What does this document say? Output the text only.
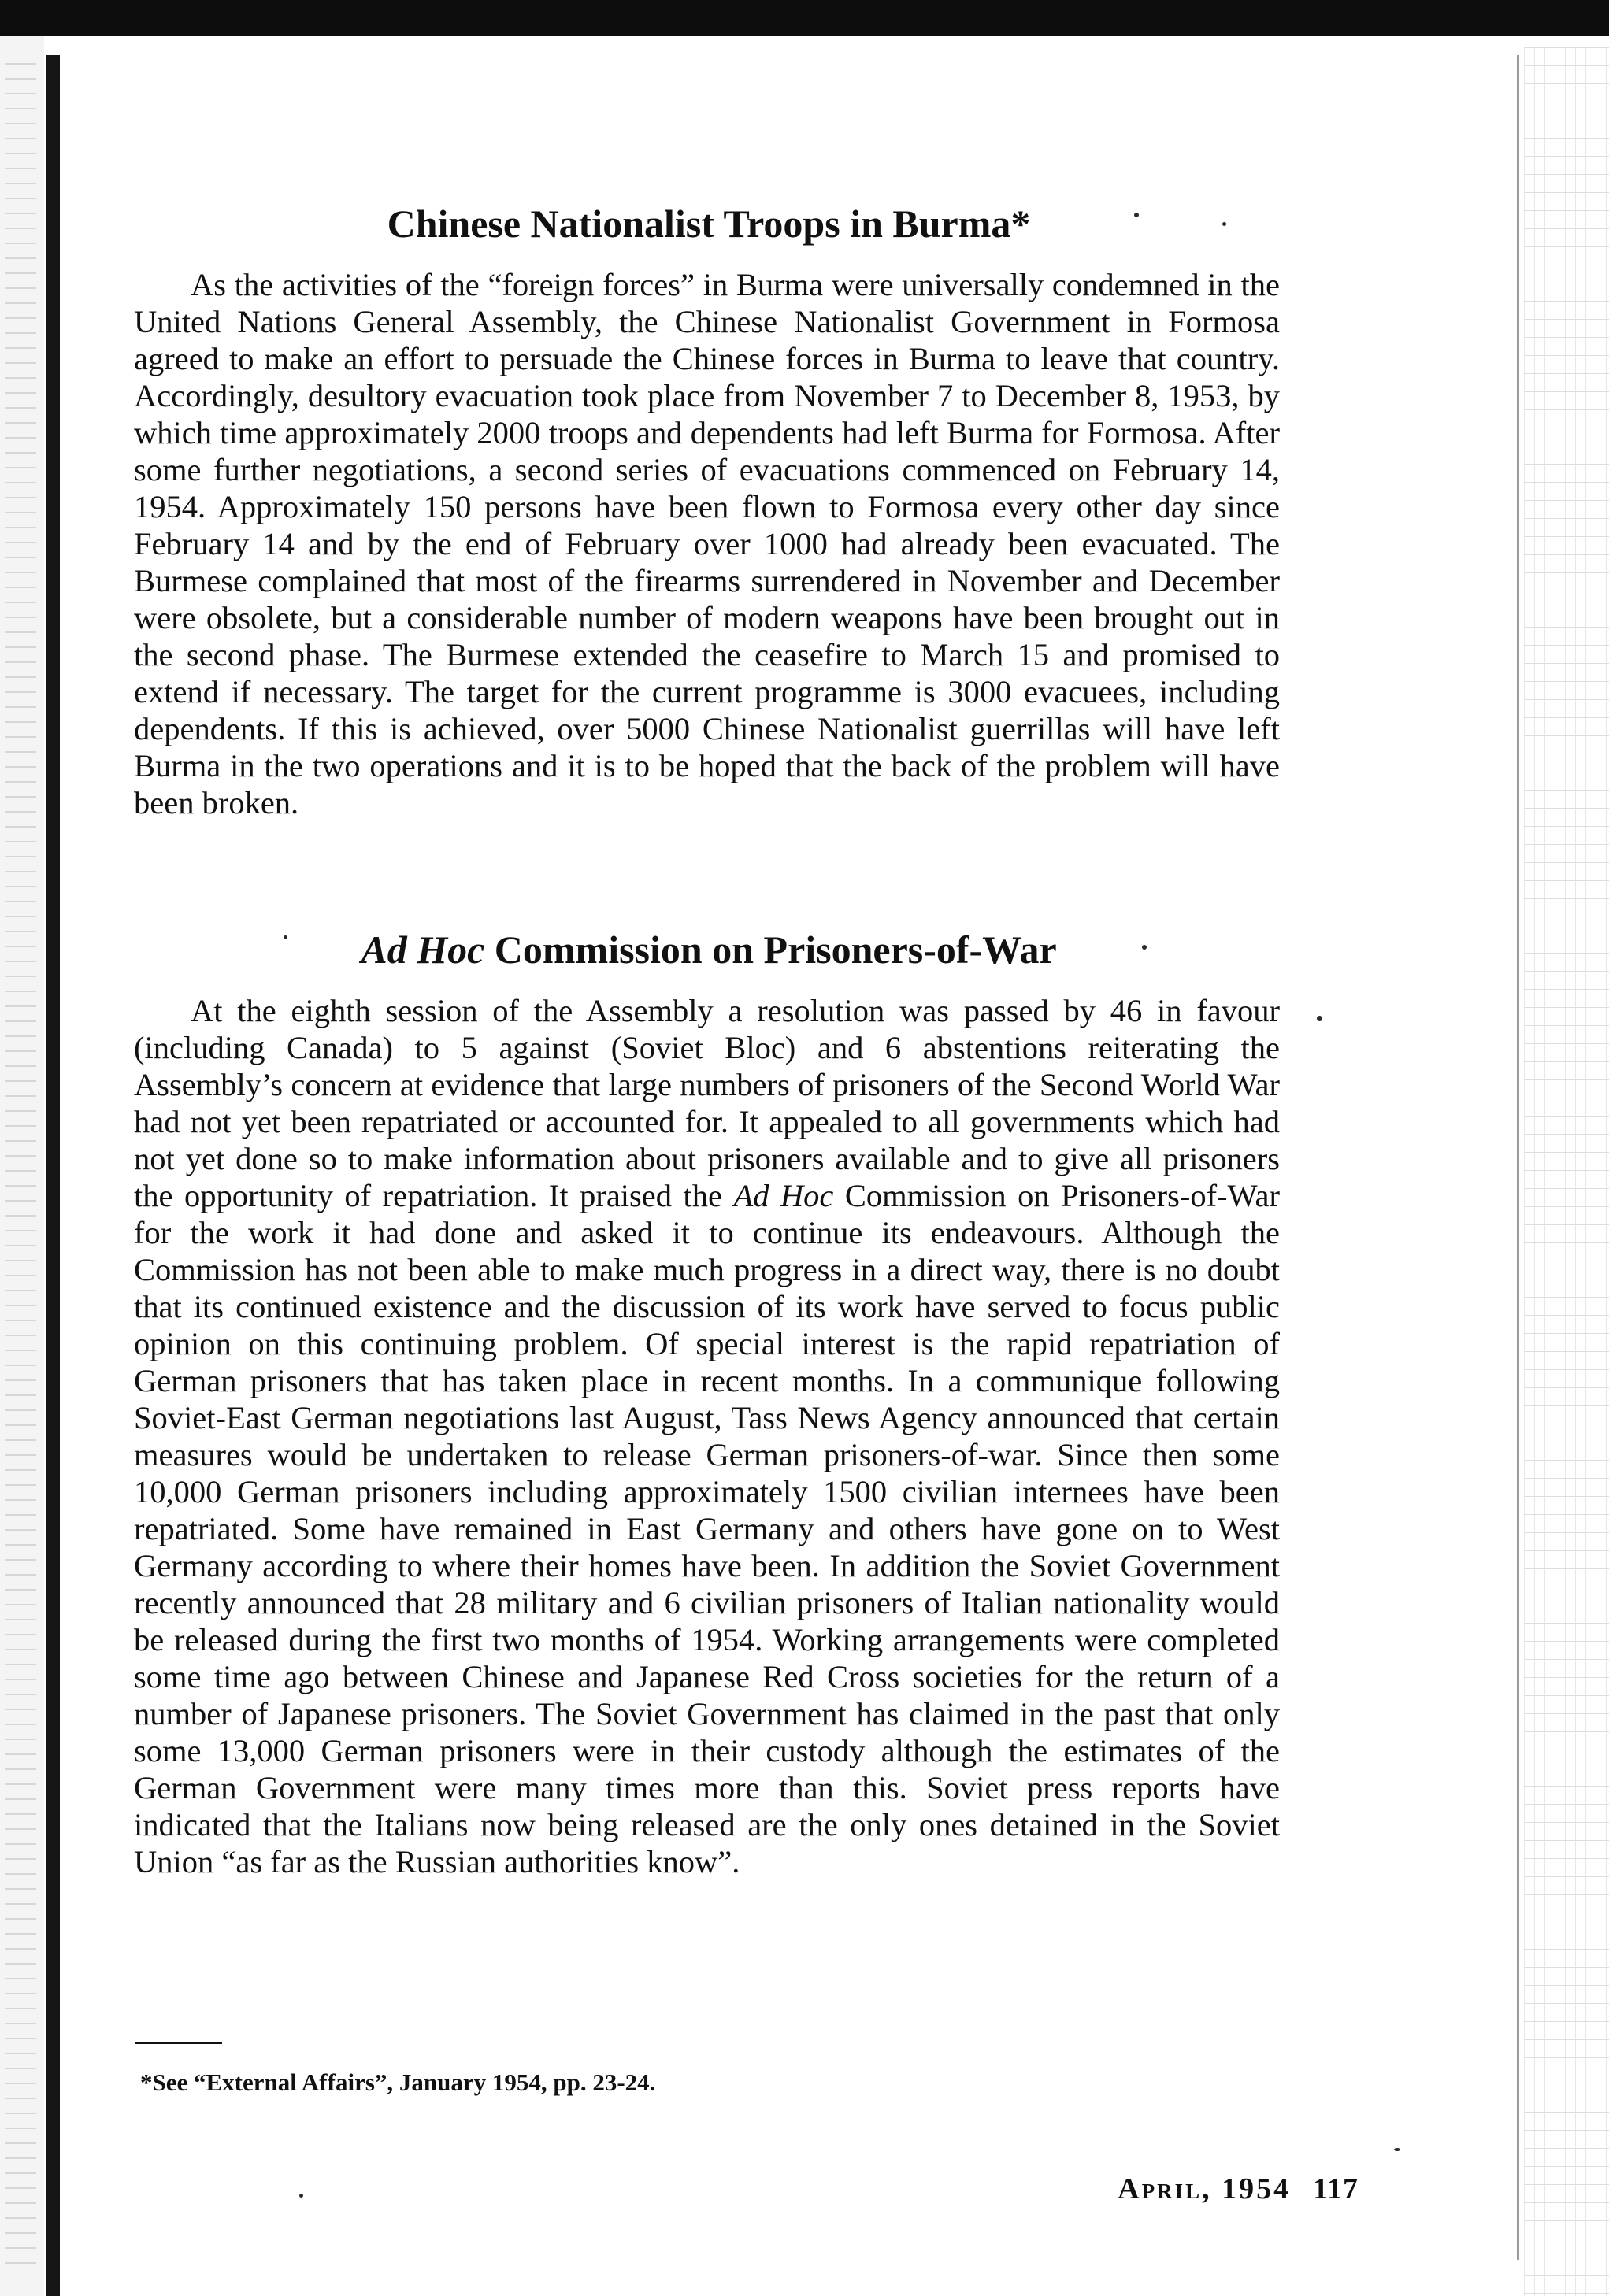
Chinese Nationalist Troops in Burma*

As the activities of the “foreign forces” in Burma were universally condemned in the United Nations General Assembly, the Chinese Nationalist Government in Formosa agreed to make an effort to persuade the Chinese forces in Burma to leave that country. Accordingly, desultory evacuation took place from November 7 to December 8, 1953, by which time approximately 2000 troops and dependents had left Burma for Formosa. After some further negotiations, a second series of evacuations commenced on February 14, 1954. Approximately 150 persons have been flown to Formosa every other day since February 14 and by the end of February over 1000 had already been evacuated. The Burmese complained that most of the firearms surrendered in November and December were obsolete, but a considerable number of modern weapons have been brought out in the second phase. The Burmese extended the ceasefire to March 15 and promised to extend if necessary. The target for the current programme is 3000 evacuees, including dependents. If this is achieved, over 5000 Chinese Nationalist guerrillas will have left Burma in the two operations and it is to be hoped that the back of the problem will have been broken.

Ad Hoc Commission on Prisoners-of-War

At the eighth session of the Assembly a resolution was passed by 46 in favour (including Canada) to 5 against (Soviet Bloc) and 6 abstentions reiterating the Assembly’s concern at evidence that large numbers of prisoners of the Second World War had not yet been repatriated or accounted for. It appealed to all governments which had not yet done so to make information about prisoners available and to give all prisoners the opportunity of repatriation. It praised the Ad Hoc Commission on Prisoners-of-War for the work it had done and asked it to continue its endeavours. Although the Commission has not been able to make much progress in a direct way, there is no doubt that its continued existence and the discussion of its work have served to focus public opinion on this continuing problem. Of special interest is the rapid repatriation of German prisoners that has taken place in recent months. In a communique following Soviet-East German negotiations last August, Tass News Agency announced that certain measures would be undertaken to release German prisoners-of-war. Since then some 10,000 German prisoners including approximately 1500 civilian internees have been repatriated. Some have remained in East Germany and others have gone on to West Germany according to where their homes have been. In addition the Soviet Government recently announced that 28 military and 6 civilian prisoners of Italian nationality would be released during the first two months of 1954. Working arrangements were completed some time ago between Chinese and Japanese Red Cross societies for the return of a number of Japanese prisoners. The Soviet Government has claimed in the past that only some 13,000 German prisoners were in their custody although the estimates of the German Government were many times more than this. Soviet press reports have indicated that the Italians now being released are the only ones detained in the Soviet Union “as far as the Russian authorities know”.

*See “External Affairs”, January 1954, pp. 23-24.

April, 1954 117
